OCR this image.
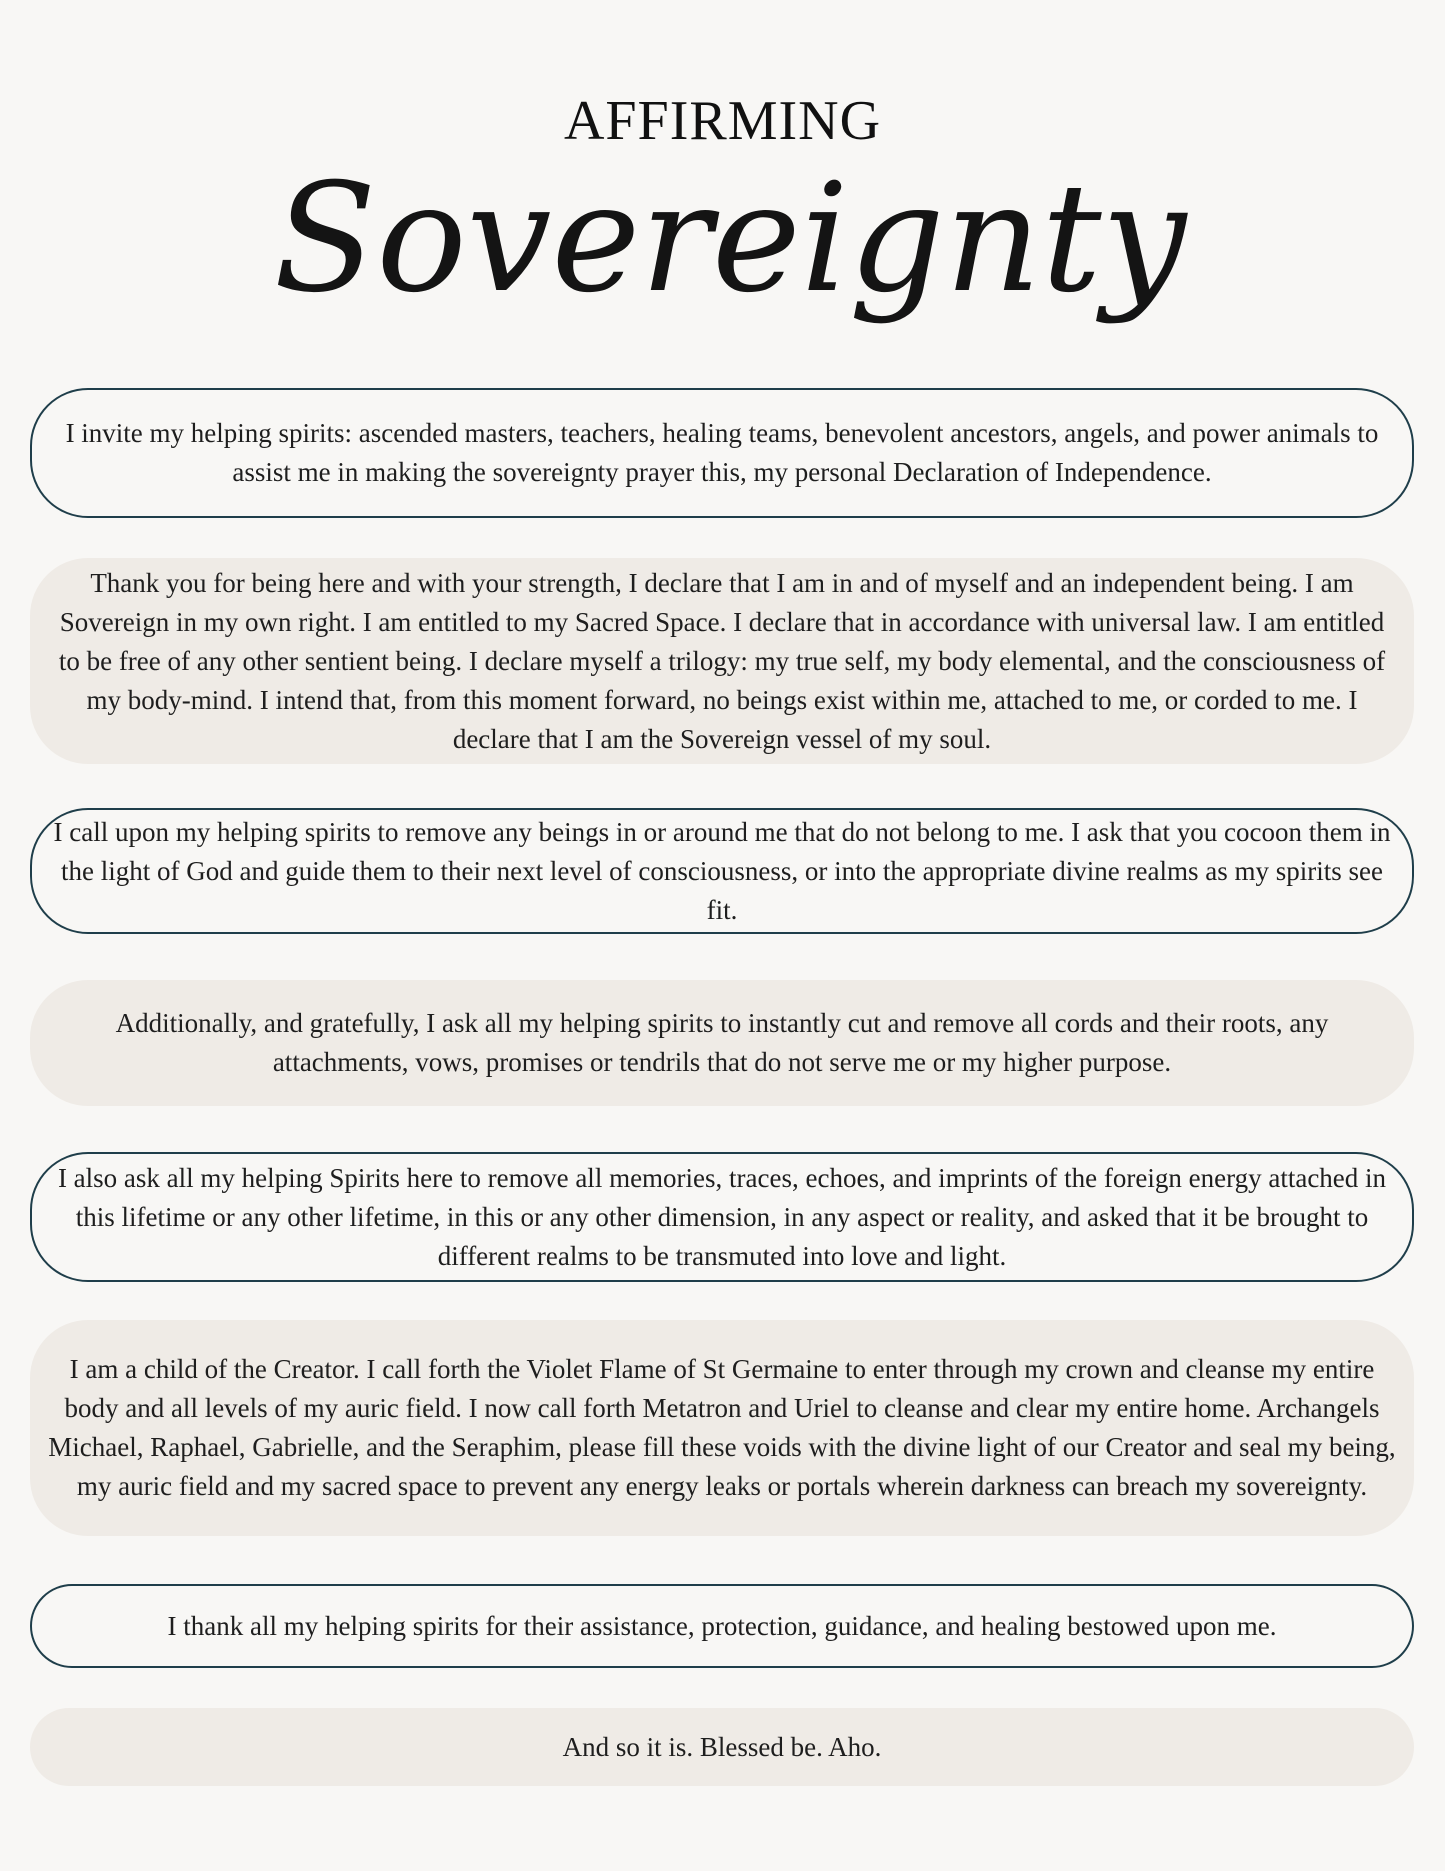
AFFIRMING
Sovereignty

I invite my helping spirits: ascended masters, teachers, healing teams, benevolent ancestors, angels, and power animals to assist me in making the sovereignty prayer this, my personal Declaration of Independence.

Thank you for being here and with your strength, I declare that I am in and of myself and an independent being. I am Sovereign in my own right. I am entitled to my Sacred Space. I declare that in accordance with universal law. I am entitled to be free of any other sentient being. I declare myself a trilogy: my true self, my body elemental, and the consciousness of my body-mind. I intend that, from this moment forward, no beings exist within me, attached to me, or corded to me. I declare that I am the Sovereign vessel of my soul.

I call upon my helping spirits to remove any beings in or around me that do not belong to me. I ask that you cocoon them in the light of God and guide them to their next level of consciousness, or into the appropriate divine realms as my spirits see fit.

Additionally, and gratefully, I ask all my helping spirits to instantly cut and remove all cords and their roots, any attachments, vows, promises or tendrils that do not serve me or my higher purpose.

I also ask all my helping Spirits here to remove all memories, traces, echoes, and imprints of the foreign energy attached in this lifetime or any other lifetime, in this or any other dimension, in any aspect or reality, and asked that it be brought to different realms to be transmuted into love and light.

I am a child of the Creator. I call forth the Violet Flame of St Germaine to enter through my crown and cleanse my entire body and all levels of my auric field. I now call forth Metatron and Uriel to cleanse and clear my entire home. Archangels Michael, Raphael, Gabrielle, and the Seraphim, please fill these voids with the divine light of our Creator and seal my being, my auric field and my sacred space to prevent any energy leaks or portals wherein darkness can breach my sovereignty.

I thank all my helping spirits for their assistance, protection, guidance, and healing bestowed upon me.

And so it is. Blessed be. Aho.
